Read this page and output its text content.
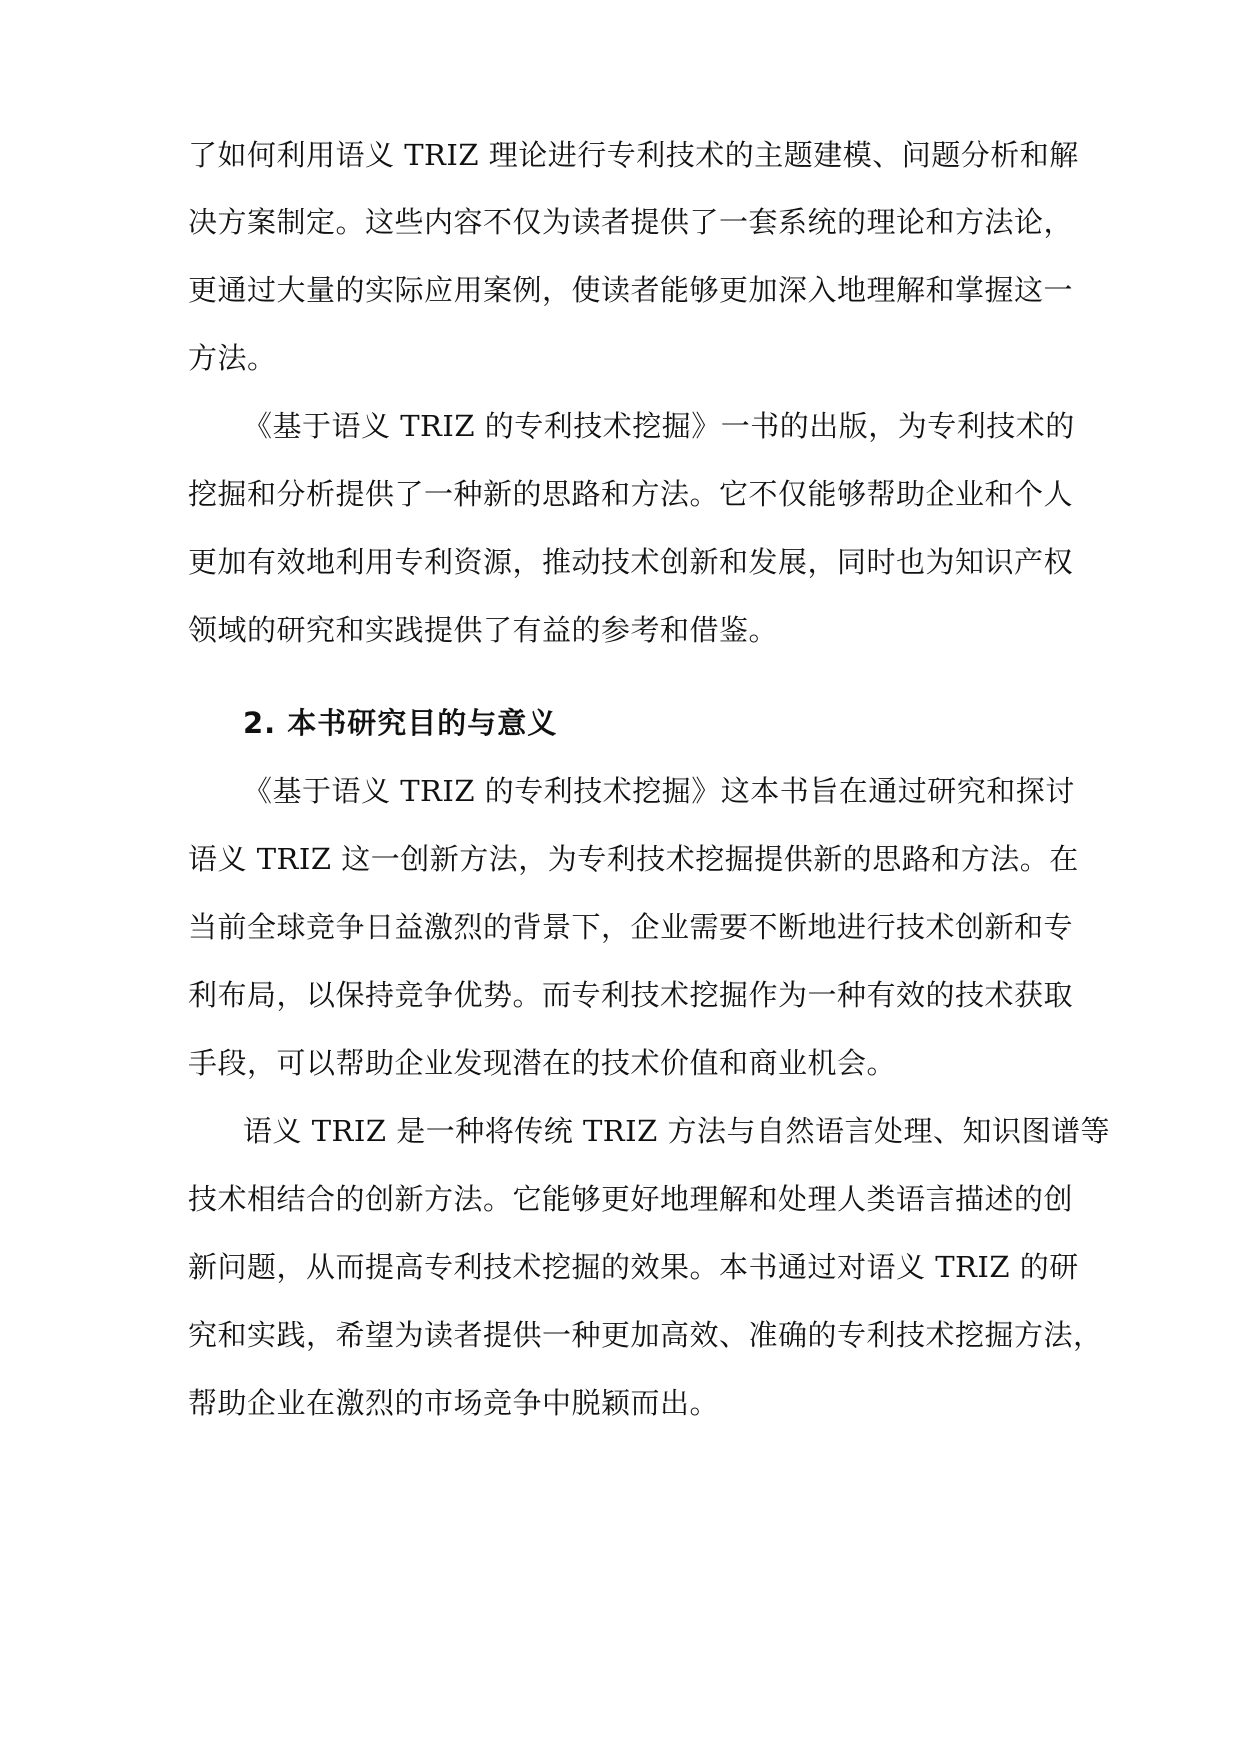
了如何利用语义 TRIZ 理论进行专利技术的主题建模、问题分析和解
决方案制定。这些内容不仅为读者提供了一套系统的理论和方法论，
更通过大量的实际应用案例，使读者能够更加深入地理解和掌握这一
方法。
《基于语义 TRIZ 的专利技术挖掘》一书的出版，为专利技术的
挖掘和分析提供了一种新的思路和方法。它不仅能够帮助企业和个人
更加有效地利用专利资源，推动技术创新和发展，同时也为知识产权
领域的研究和实践提供了有益的参考和借鉴。
2. 本书研究目的与意义
《基于语义 TRIZ 的专利技术挖掘》这本书旨在通过研究和探讨
语义 TRIZ 这一创新方法，为专利技术挖掘提供新的思路和方法。在
当前全球竞争日益激烈的背景下，企业需要不断地进行技术创新和专
利布局，以保持竞争优势。而专利技术挖掘作为一种有效的技术获取
手段，可以帮助企业发现潜在的技术价值和商业机会。
语义 TRIZ 是一种将传统 TRIZ 方法与自然语言处理、知识图谱等
技术相结合的创新方法。它能够更好地理解和处理人类语言描述的创
新问题，从而提高专利技术挖掘的效果。本书通过对语义 TRIZ 的研
究和实践，希望为读者提供一种更加高效、准确的专利技术挖掘方法，
帮助企业在激烈的市场竞争中脱颖而出。
